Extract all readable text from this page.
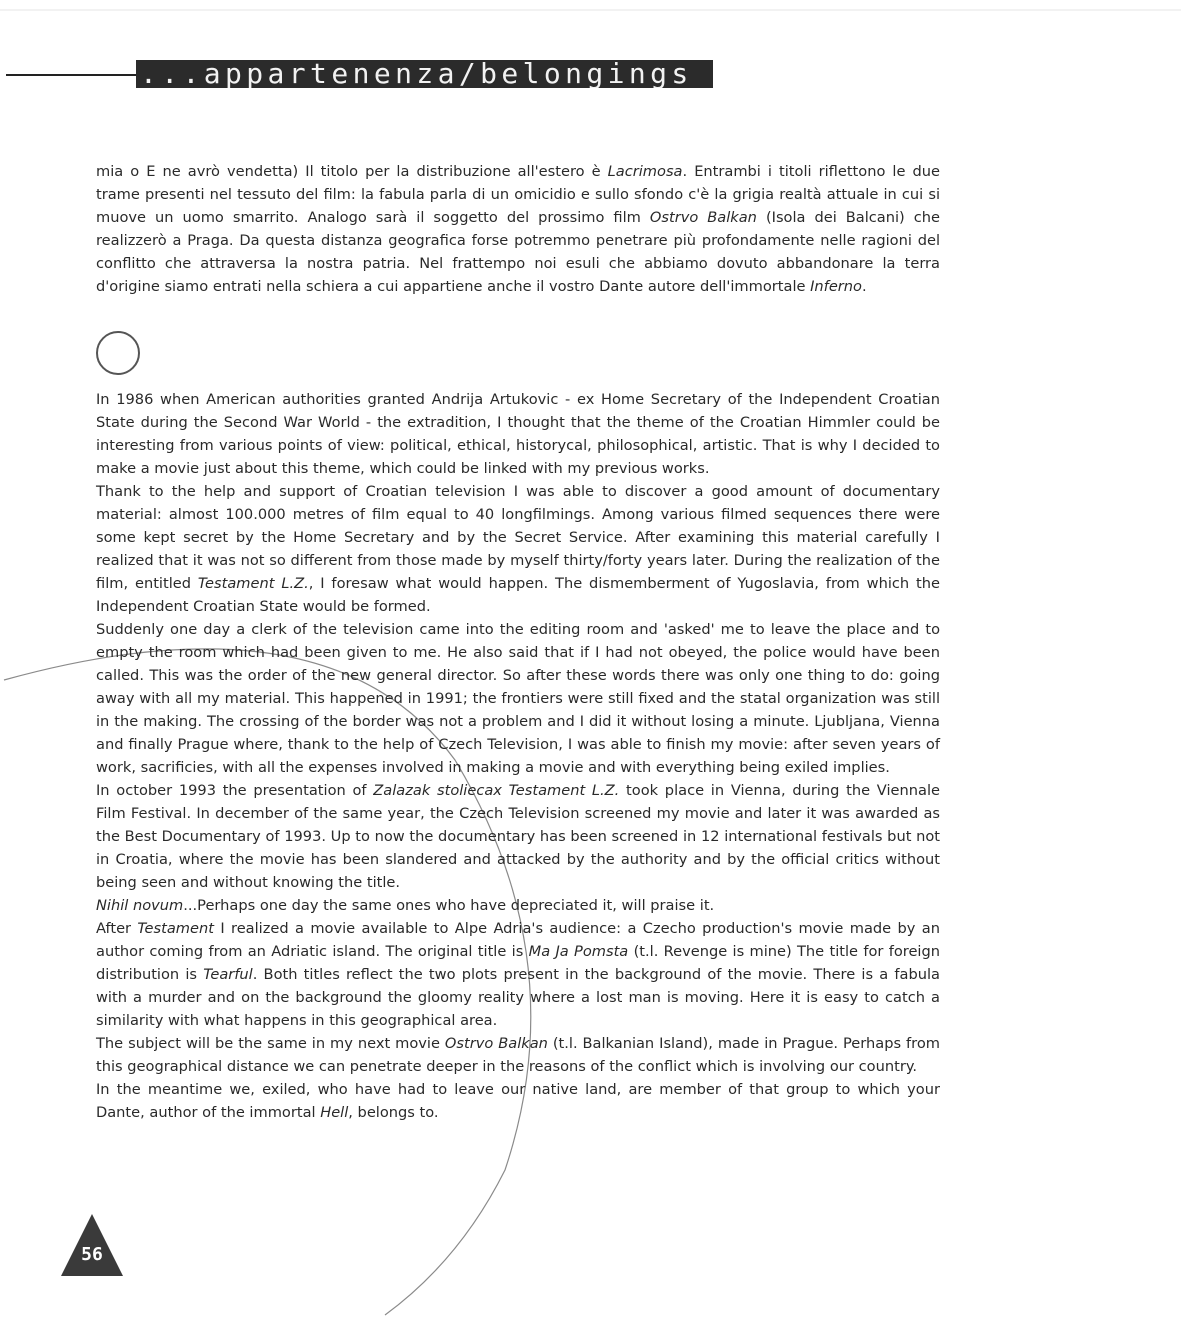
...appartenenza/belongings

mia o E ne avrò vendetta) Il titolo per la distribuzione all'estero è Lacrimosa. Entrambi i titoli riflettono le due trame presenti nel tessuto del film: la fabula parla di un omicidio e sullo sfondo c'è la grigia realtà attuale in cui si muove un uomo smarrito. Analogo sarà il soggetto del prossimo film Ostrvo Balkan (Isola dei Balcani) che realizzerò a Praga. Da questa distanza geografica forse potremmo penetrare più profondamente nelle ragioni del conflitto che attraversa la nostra patria. Nel frattempo noi esuli che abbiamo dovuto abbandonare la terra d'origine siamo entrati nella schiera a cui appartiene anche il vostro Dante autore dell'immortale Inferno.

In 1986 when American authorities granted Andrija Artukovic - ex Home Secretary of the Independent Croatian State during the Second War World - the extradition, I thought that the theme of the Croatian Himmler could be interesting from various points of view: political, ethical, historycal, philosophical, artistic. That is why I decided to make a movie just about this theme, which could be linked with my previous works.

Thank to the help and support of Croatian television I was able to discover a good amount of documentary material: almost 100.000 metres of film equal to 40 longfilmings. Among various filmed sequences there were some kept secret by the Home Secretary and by the Secret Service. After examining this material carefully I realized that it was not so different from those made by myself thirty/forty years later. During the realization of the film, entitled Testament L.Z., I foresaw what would happen. The dismemberment of Yugoslavia, from which the Independent Croatian State would be formed.

Suddenly one day a clerk of the television came into the editing room and 'asked' me to leave the place and to empty the room which had been given to me. He also said that if I had not obeyed, the police would have been called. This was the order of the new general director. So after these words there was only one thing to do: going away with all my material. This happened in 1991; the frontiers were still fixed and the statal organization was still in the making. The crossing of the border was not a problem and I did it without losing a minute. Ljubljana, Vienna and finally Prague where, thank to the help of Czech Television, I was able to finish my movie: after seven years of work, sacrificies, with all the expenses involved in making a movie and with everything being exiled implies.

In october 1993 the presentation of Zalazak stoliecax Testament L.Z. took place in Vienna, during the Viennale Film Festival. In december of the same year, the Czech Television screened my movie and later it was awarded as the Best Documentary of 1993. Up to now the documentary has been screened in 12 international festivals but not in Croatia, where the movie has been slandered and attacked by the authority and by the official critics without being seen and without knowing the title.

Nihil novum...Perhaps one day the same ones who have depreciated it, will praise it.

After Testament I realized a movie available to Alpe Adria's audience: a Czecho production's movie made by an author coming from an Adriatic island. The original title is Ma Ja Pomsta (t.l. Revenge is mine) The title for foreign distribution is Tearful. Both titles reflect the two plots present in the background of the movie. There is a fabula with a murder and on the background the gloomy reality where a lost man is moving. Here it is easy to catch a similarity with what happens in this geographical area.

The subject will be the same in my next movie Ostrvo Balkan (t.l. Balkanian Island), made in Prague. Perhaps from this geographical distance we can penetrate deeper in the reasons of the conflict which is involving our country.

In the meantime we, exiled, who have had to leave our native land, are member of that group to which your Dante, author of the immortal Hell, belongs to.

56
